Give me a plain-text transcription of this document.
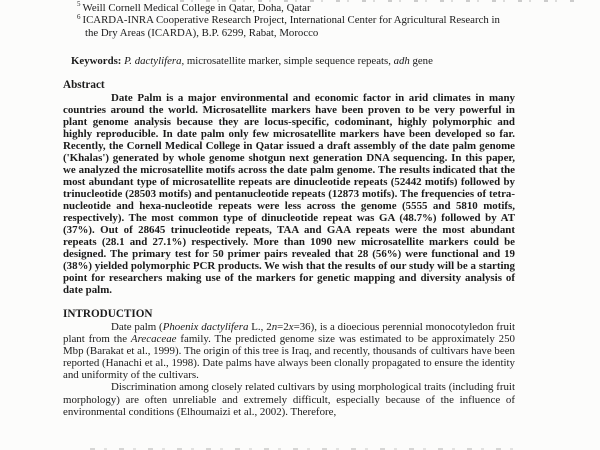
$^5$ Weill Cornell Medical College in Qatar, Doha, Qatar
$^6$ ICARDA-INRA Cooperative Research Project, International Center for Agricultural Research in the Dry Areas (ICARDA), B.P. 6299, Rabat, Morocco
Keywords: P. dactylifera, microsatellite marker, simple sequence repeats, adh gene
Abstract

Date Palm is a major environmental and economic factor in arid climates in many countries around the world. Microsatellite markers have been proven to be very powerful in plant genome analysis because they are locus-specific, codominant, highly polymorphic and highly reproducible. In date palm only few microsatellite markers have been developed so far. Recently, the Cornell Medical College in Qatar issued a draft assembly of the date palm genome ('Khalas') generated by whole genome shotgun next generation DNA sequencing. In this paper, we analyzed the microsatellite motifs across the date palm genome. The results indicated that the most abundant type of microsatellite repeats are dinucleotide repeats (52442 motifs) followed by trinucleotide (28503 motifs) and pentanucleotide repeats (12873 motifs). The frequencies of tetra-nucleotide and hexa-nucleotide repeats were less across the genome (5555 and 5810 motifs, respectively). The most common type of dinucleotide repeat was GA (48.7%) followed by AT (37%). Out of 28645 trinucleotide repeats, TAA and GAA repeats were the most abundant repeats (28.1 and 27.1%) respectively. More than 1090 new microsatellite markers could be designed. The primary test for 50 primer pairs revealed that 28 (56%) were functional and 19 (38%) yielded polymorphic PCR products. We wish that the results of our study will be a starting point for researchers making use of the markers for genetic mapping and diversity analysis of date palm.

INTRODUCTION

Date palm (Phoenix dactylifera L., 2n=2x=36), is a dioecious perennial monocotyledon fruit plant from the Arecaceae family. The predicted genome size was estimated to be approximately 250 Mbp (Barakat et al., 1999). The origin of this tree is Iraq, and recently, thousands of cultivars have been reported (Hanachi et al., 1998). Date palms have always been clonally propagated to ensure the identity and uniformity of the cultivars.

Discrimination among closely related cultivars by using morphological traits (including fruit morphology) are often unreliable and extremely difficult, especially because of the influence of environmental conditions (Elhoumaizi et al., 2002). Therefore,
